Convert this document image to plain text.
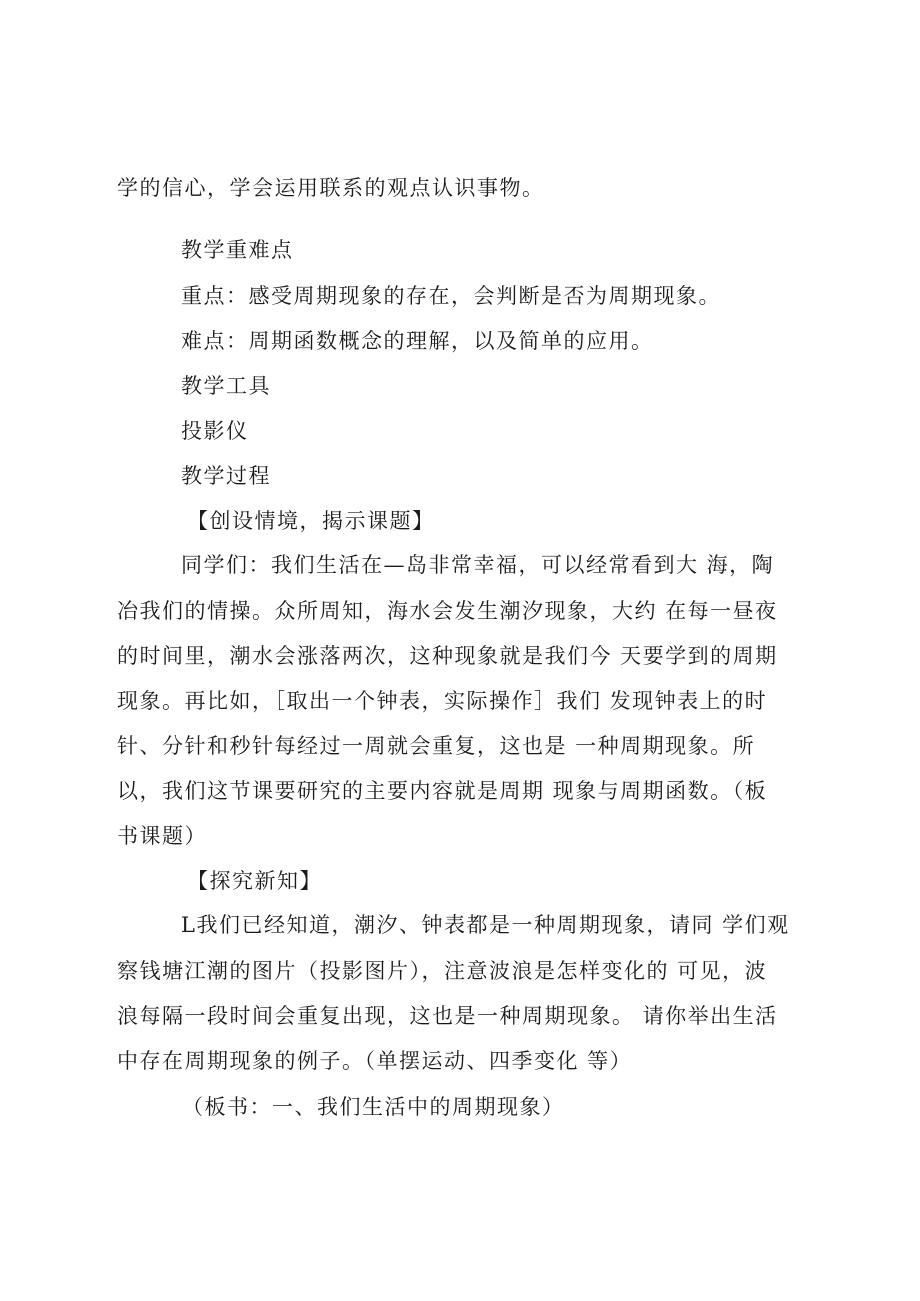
学的信心，学会运用联系的观点认识事物。
教学重难点
重点：感受周期现象的存在，会判断是否为周期现象。
难点：周期函数概念的理解，以及简单的应用。
教学工具
投影仪
教学过程
【创设情境，揭示课题】
同学们：我们生活在—岛非常幸福，可以经常看到大 海，陶
冶我们的情操。众所周知，海水会发生潮汐现象，大约 在每一昼夜
的时间里，潮水会涨落两次，这种现象就是我们今 天要学到的周期
现象。再比如，［取出一个钟表，实际操作］我们 发现钟表上的时
针、分针和秒针每经过一周就会重复，这也是 一种周期现象。所
以，我们这节课要研究的主要内容就是周期 现象与周期函数。（板
书课题）
【探究新知】
L我们已经知道，潮汐、钟表都是一种周期现象，请同 学们观
察钱塘江潮的图片（投影图片），注意波浪是怎样变化的 可见，波
浪每隔一段时间会重复出现，这也是一种周期现象。 请你举出生活
中存在周期现象的例子。（单摆运动、四季变化 等）
（板书：一、我们生活中的周期现象）
